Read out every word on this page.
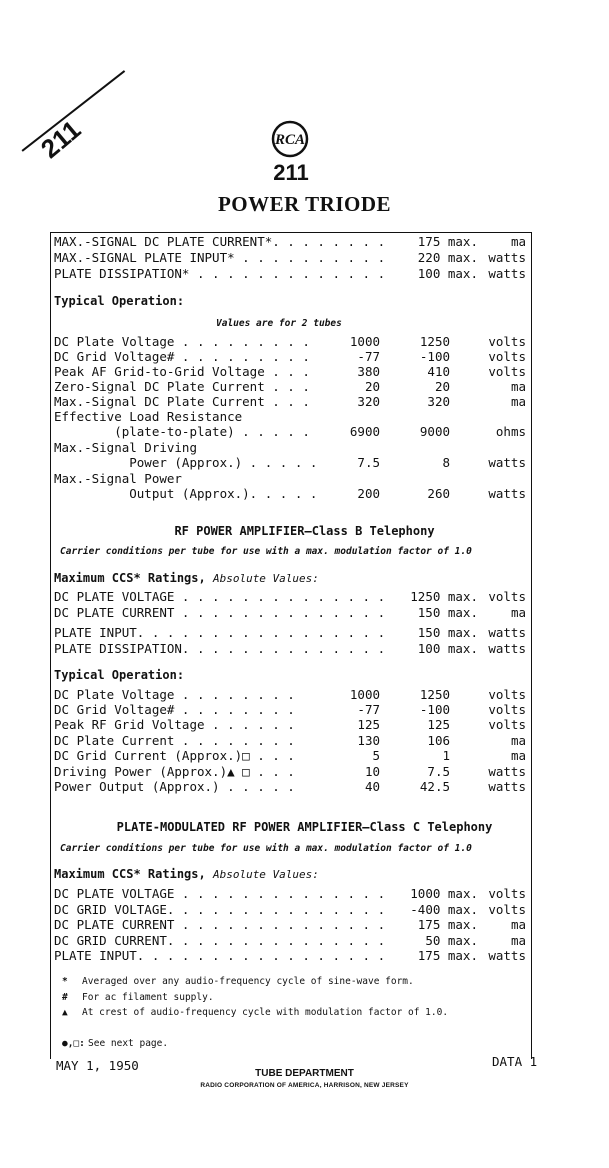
211	RCA
211
POWER TRIODE
MAX.-SIGNAL DC PLATE CURRENT*. . . . . . . .	175 max.	ma
MAX.-SIGNAL PLATE INPUT* . . . . . . . . . .	220 max. watts
PLATE DISSIPATION* . . . . . . . . . . . . .	100 max. watts
Typical Operation:
Values are for 2 tubes
DC Plate Voltage . . . . . . . . .	1000	1250	volts
DC Grid Voltage# . . . . . . . . .	-77	-100	volts
Peak AF Grid-to-Grid Voltage . . .	380	410	volts
Zero-Signal DC Plate Current . . .	20	20	ma
Max.-Signal DC Plate Current . . .	320	320	ma
Effective Load Resistance
(plate-to-plate) . . . . .	6900	9000	ohms
Max.-Signal Driving
Power (Approx.) . . . . .	7.5	8	watts
Max.-Signal Power
Output (Approx.). . . . .	200	260	watts
RF POWER AMPLIFIER—Class B Telephony
Carrier conditions per tube for use with a max. modulation factor of 1.0
Maximum CCS* Ratings, Absolute Values:
DC PLATE VOLTAGE . . . . . . . . . . . . . .	1250 max. volts
DC PLATE CURRENT . . . . . . . . . . . . . .	150 max.	ma
PLATE INPUT. . . . . . . . . . . . . . . . .	150 max. watts
PLATE DISSIPATION. . . . . . . . . . . . . .	100 max. watts
Typical Operation:
DC Plate Voltage . . . . . . . .	1000	1250	volts
DC Grid Voltage# . . . . . . . .	-77	-100	volts
Peak RF Grid Voltage . . . . . .	125	125	volts
DC Plate Current . . . . . . . .	130	106	ma
DC Grid Current (Approx.)□ . . .	5	1	ma
Driving Power (Approx.)▲ □ . . .	10	7.5	watts
Power Output (Approx.) . . . . .	40	42.5	watts
PLATE-MODULATED RF POWER AMPLIFIER—Class C Telephony
Carrier conditions per tube for use with a max. modulation factor of 1.0
Maximum CCS* Ratings, Absolute Values:
DC PLATE VOLTAGE . . . . . . . . . . . . . .	1000 max. volts
DC GRID VOLTAGE. . . . . . . . . . . . . . .	-400 max. volts
DC PLATE CURRENT . . . . . . . . . . . . . .	175 max.	ma
DC GRID CURRENT. . . . . . . . . . . . . . .	50 max.	ma
PLATE INPUT. . . . . . . . . . . . . . . . .	175 max. watts
* Averaged over any audio-frequency cycle of sine-wave form.
# For ac filament supply.
▲ At crest of audio-frequency cycle with modulation factor of 1.0.
●,□: See next page.
MAY 1, 1950	DATA 1
TUBE DEPARTMENT
RADIO CORPORATION OF AMERICA, HARRISON, NEW JERSEY
